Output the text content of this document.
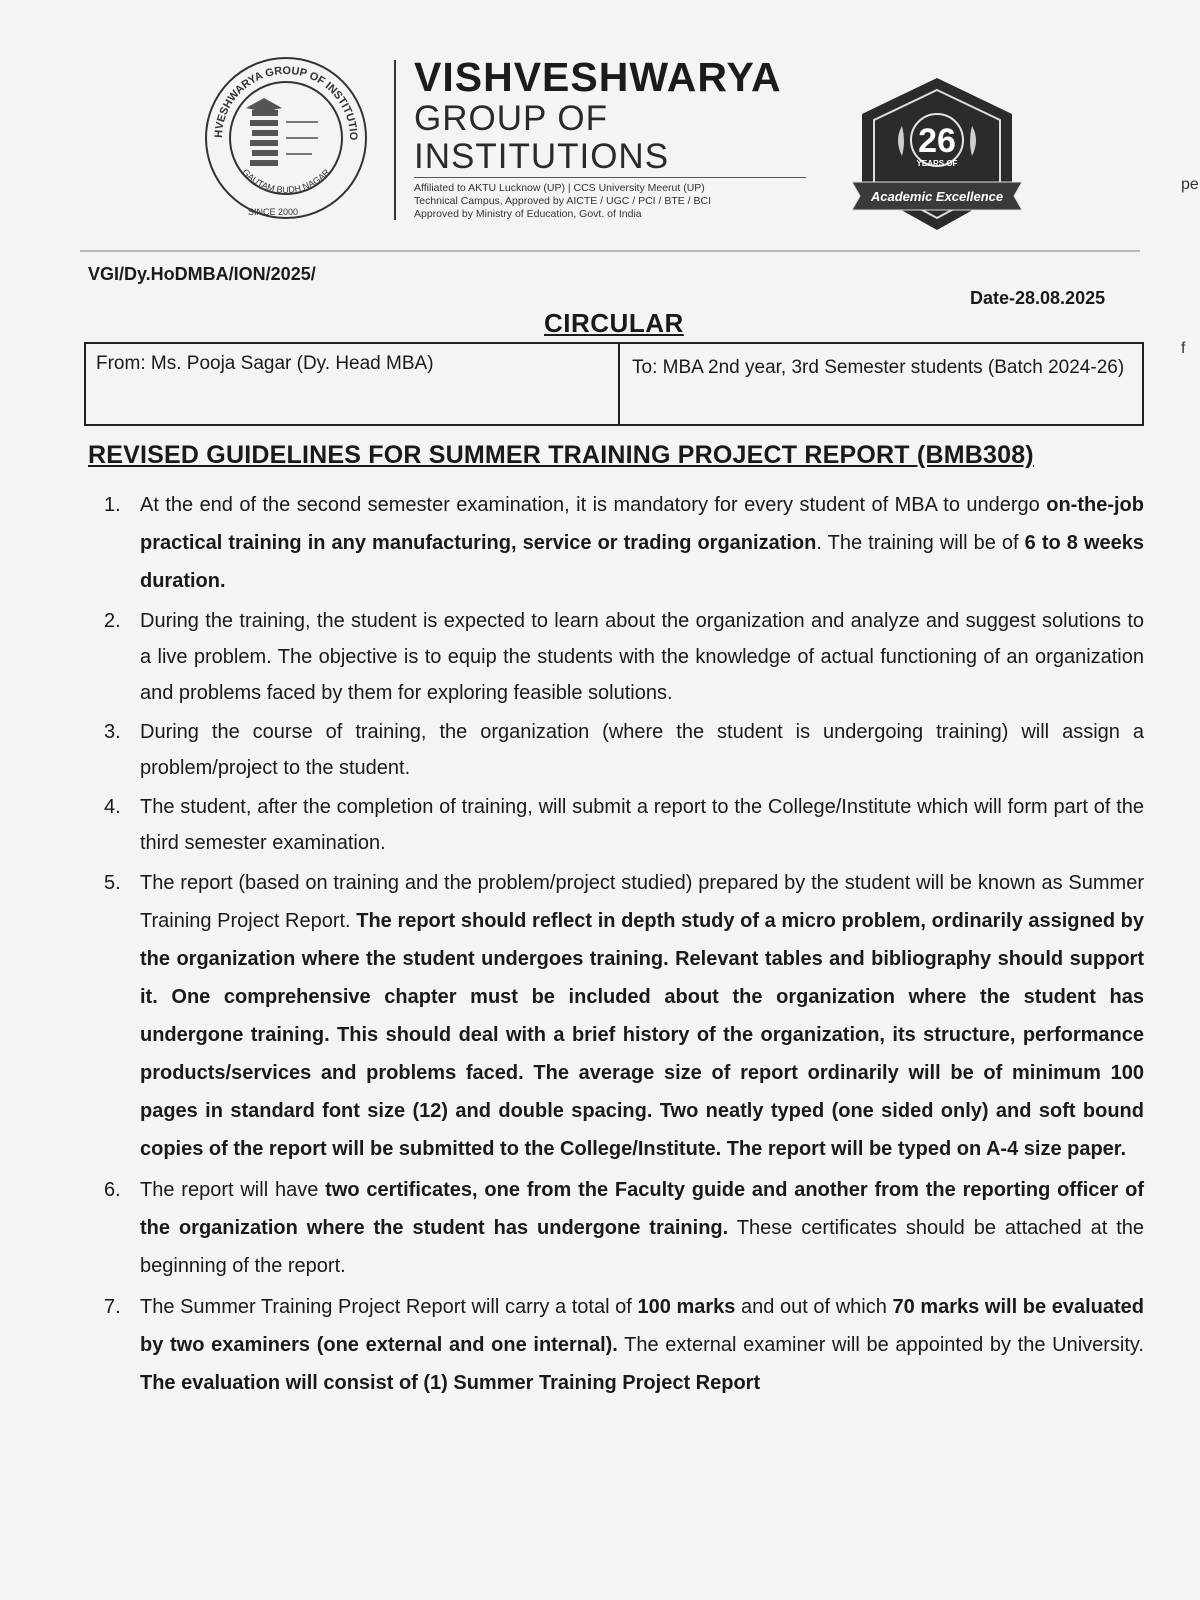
HVESHWARYA GROUP OF INSTITUTIO
GAUTAM BUDH NAGAR
SINCE 2000
VISHVESHWARYA
GROUP OF
INSTITUTIONS

Affiliated to AKTU Lucknow (UP) | CCS University Meerut (UP)

Technical Campus, Approved by AICTE / UGC / PCI / BTE / BCI

Approved by Ministry of Education, Govt. of India

26
YEARS OF
Academic Excellence
pe
f

VGI/Dy.HoDMBA/ION/2025/

Date-28.08.2025

CIRCULAR
From: Ms. Pooja Sagar (Dy. Head MBA)	To: MBA 2nd year, 3rd Semester students (Batch 2024-26)
REVISED GUIDELINES FOR SUMMER TRAINING PROJECT REPORT (BMB308)
1. At the end of the second semester examination, it is mandatory for every student of MBA to undergo on-the-job practical training in any manufacturing, service or trading organization. The training will be of 6 to 8 weeks duration.
2. During the training, the student is expected to learn about the organization and analyze and suggest solutions to a live problem. The objective is to equip the students with the knowledge of actual functioning of an organization and problems faced by them for exploring feasible solutions.
3. During the course of training, the organization (where the student is undergoing training) will assign a problem/project to the student.
4. The student, after the completion of training, will submit a report to the College/Institute which will form part of the third semester examination.
5. The report (based on training and the problem/project studied) prepared by the student will be known as Summer Training Project Report. The report should reflect in depth study of a micro problem, ordinarily assigned by the organization where the student undergoes training. Relevant tables and bibliography should support it. One comprehensive chapter must be included about the organization where the student has undergone training. This should deal with a brief history of the organization, its structure, performance products/services and problems faced. The average size of report ordinarily will be of minimum 100 pages in standard font size (12) and double spacing. Two neatly typed (one sided only) and soft bound copies of the report will be submitted to the College/Institute. The report will be typed on A-4 size paper.
6. The report will have two certificates, one from the Faculty guide and another from the reporting officer of the organization where the student has undergone training. These certificates should be attached at the beginning of the report.
7. The Summer Training Project Report will carry a total of 100 marks and out of which 70 marks will be evaluated by two examiners (one external and one internal). The external examiner will be appointed by the University. The evaluation will consist of (1) Summer Training Project Report
